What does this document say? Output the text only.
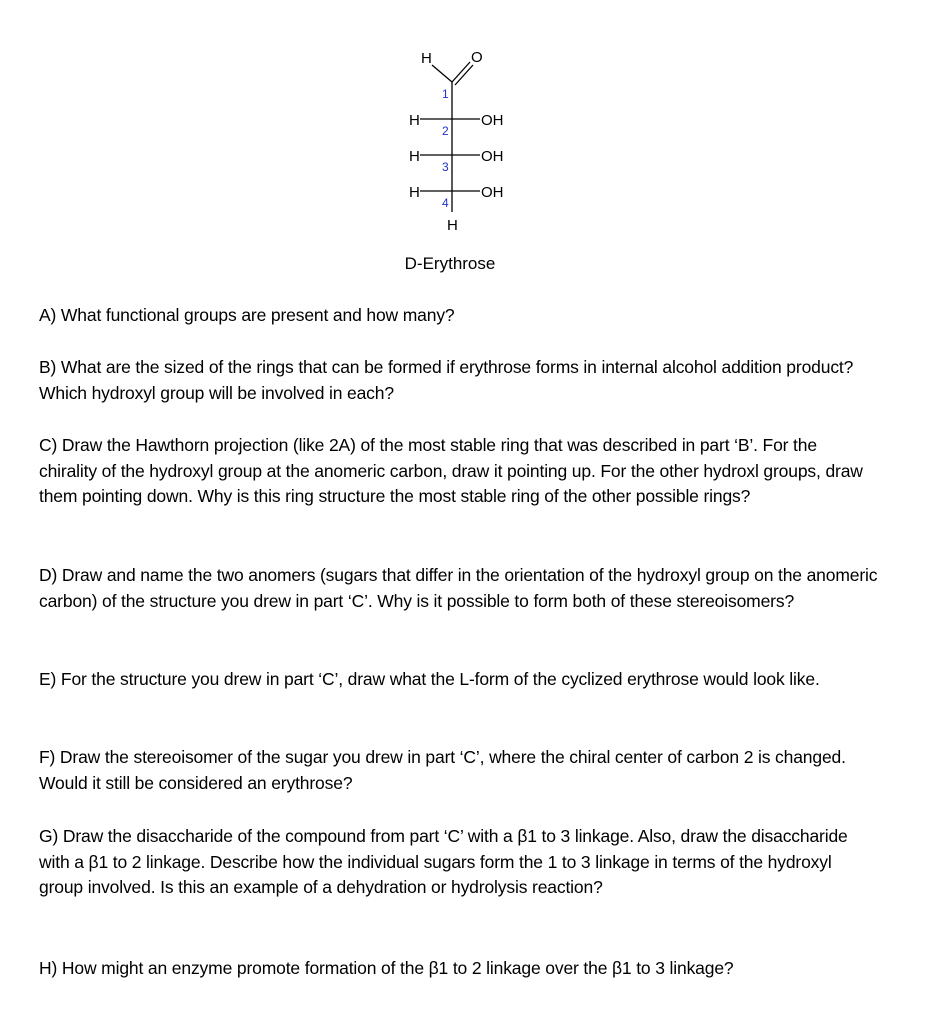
H	O
1
2
3
4
H
H
H
OH
OH
OH
H
D-Erythrose
A) What functional groups are present and how many?
B) What are the sized of the rings that can be formed if erythrose forms in internal alcohol addition product? Which hydroxyl group will be involved in each?
C) Draw the Hawthorn projection (like 2A) of the most stable ring that was described in part ‘B’. For the chirality of the hydroxyl group at the anomeric carbon, draw it pointing up. For the other hydroxl groups, draw them pointing down. Why is this ring structure the most stable ring of the other possible rings?
D) Draw and name the two anomers (sugars that differ in the orientation of the hydroxyl group on the anomeric carbon) of the structure you drew in part ‘C’. Why is it possible to form both of these stereoisomers?
E) For the structure you drew in part ‘C’, draw what the L-form of the cyclized erythrose would look like.
F) Draw the stereoisomer of the sugar you drew in part ‘C’, where the chiral center of carbon 2 is changed. Would it still be considered an erythrose?
G) Draw the disaccharide of the compound from part ‘C’ with a β1 to 3 linkage. Also, draw the disaccharide with a β1 to 2 linkage. Describe how the individual sugars form the 1 to 3 linkage in terms of the hydroxyl group involved. Is this an example of a dehydration or hydrolysis reaction?
H) How might an enzyme promote formation of the β1 to 2 linkage over the β1 to 3 linkage?
